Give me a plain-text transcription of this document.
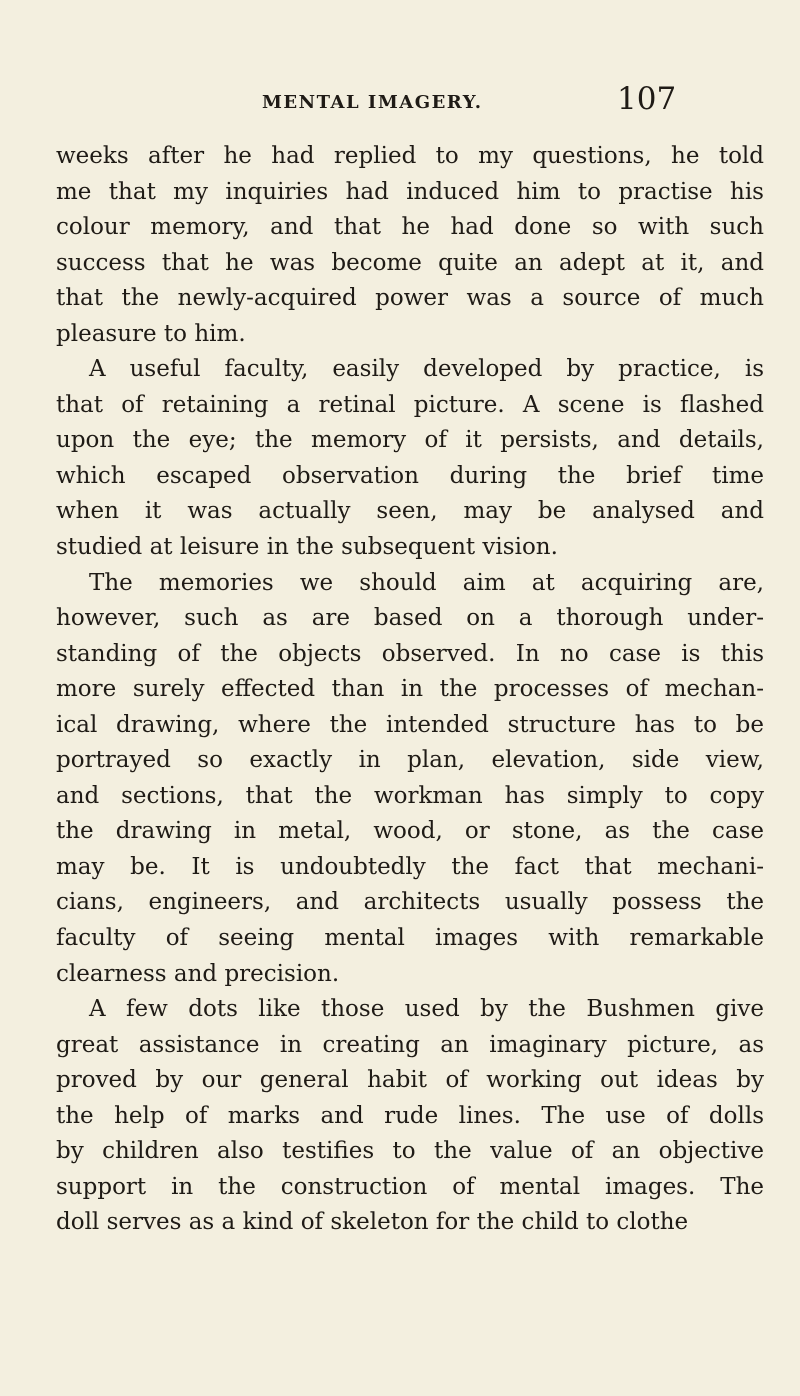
MENTAL IMAGERY.	107
weeks after he had replied to my questions, he told
me that my inquiries had induced him to practise his
colour memory, and that he had done so with such
success that he was become quite an adept at it, and
that the newly-acquired power was a source of much
pleasure to him.
A useful faculty, easily developed by practice, is
that of retaining a retinal picture. A scene is flashed
upon the eye; the memory of it persists, and details,
which escaped observation during the brief time
when it was actually seen, may be analysed and
studied at leisure in the subsequent vision.
The memories we should aim at acquiring are,
however, such as are based on a thorough under-
standing of the objects observed. In no case is this
more surely effected than in the processes of mechan-
ical drawing, where the intended structure has to be
portrayed so exactly in plan, elevation, side view,
and sections, that the workman has simply to copy
the drawing in metal, wood, or stone, as the case
may be. It is undoubtedly the fact that mechani-
cians, engineers, and architects usually possess the
faculty of seeing mental images with remarkable
clearness and precision.
A few dots like those used by the Bushmen give
great assistance in creating an imaginary picture, as
proved by our general habit of working out ideas by
the help of marks and rude lines. The use of dolls
by children also testifies to the value of an objective
support in the construction of mental images. The
doll serves as a kind of skeleton for the child to clothe
